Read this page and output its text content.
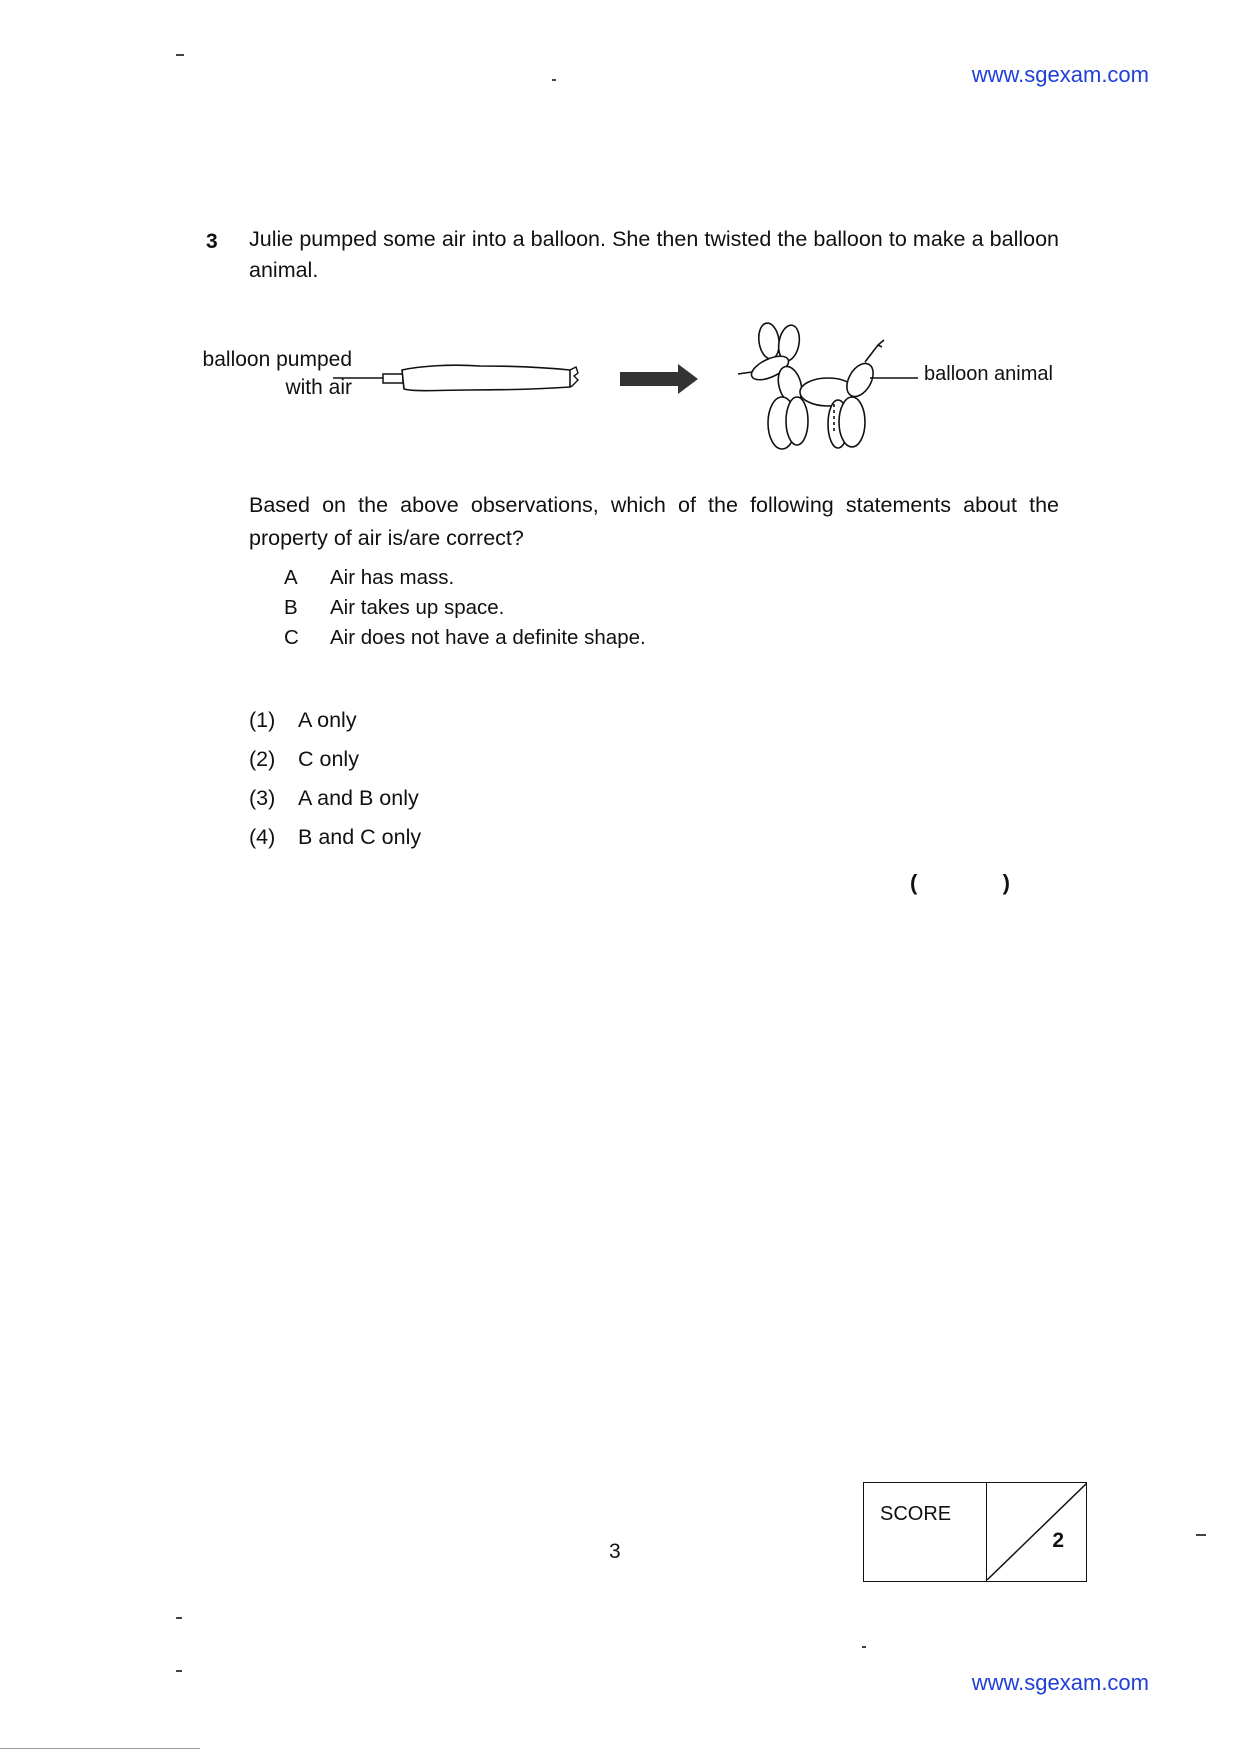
www.sgexam.com
3 Julie pumped some air into a balloon. She then twisted the balloon to make a balloon animal.
balloon pumped
with air
balloon animal
Based on the above observations, which of the following statements about the property of air is/are correct?
A	Air has mass.
B	Air takes up space.
C	Air does not have a definite shape.
(1)	A only
(2)	C only
(3)	A and B only
(4)	B and C only
(	)
3
SCORE
2
www.sgexam.com
